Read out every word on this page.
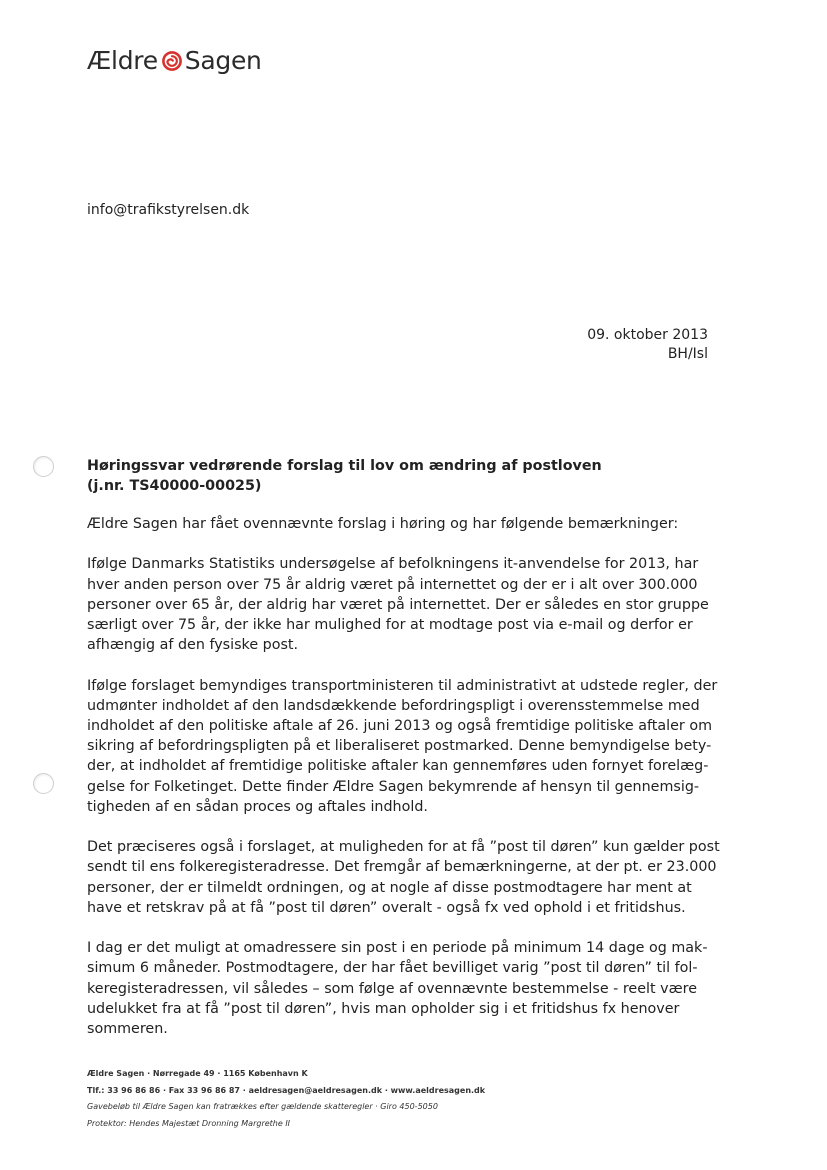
Ældre Sagen
info@trafikstyrelsen.dk
09. oktober 2013
BH/Isl
Høringssvar vedrørende forslag til lov om ændring af postloven
(j.nr. TS40000-00025)

Ældre Sagen har fået ovennævnte forslag i høring og har følgende bemærkninger:

Ifølge Danmarks Statistiks undersøgelse af befolkningens it-anvendelse for 2013, har
hver anden person over 75 år aldrig været på internettet og der er i alt over 300.000
personer over 65 år, der aldrig har været på internettet. Der er således en stor gruppe
særligt over 75 år, der ikke har mulighed for at modtage post via e-mail og derfor er
afhængig af den fysiske post.

Ifølge forslaget bemyndiges transportministeren til administrativt at udstede regler, der
udmønter indholdet af den landsdækkende befordringspligt i overensstemmelse med
indholdet af den politiske aftale af 26. juni 2013 og også fremtidige politiske aftaler om
sikring af befordringspligten på et liberaliseret postmarked. Denne bemyndigelse bety-
der, at indholdet af fremtidige politiske aftaler kan gennemføres uden fornyet forelæg-
gelse for Folketinget. Dette finder Ældre Sagen bekymrende af hensyn til gennemsig-
tigheden af en sådan proces og aftales indhold.

Det præciseres også i forslaget, at muligheden for at få ”post til døren” kun gælder post
sendt til ens folkeregisteradresse. Det fremgår af bemærkningerne, at der pt. er 23.000
personer, der er tilmeldt ordningen, og at nogle af disse postmodtagere har ment at
have et retskrav på at få ”post til døren” overalt - også fx ved ophold i et fritidshus.

I dag er det muligt at omadressere sin post i en periode på minimum 14 dage og mak-
simum 6 måneder. Postmodtagere, der har fået bevilliget varig ”post til døren” til fol-
keregisteradressen, vil således – som følge af ovennævnte bestemmelse - reelt være
udelukket fra at få ”post til døren”, hvis man opholder sig i et fritidshus fx henover
sommeren.

Ældre Sagen · Nørregade 49 · 1165 København K
Tlf.: 33 96 86 86 · Fax 33 96 86 87 · aeldresagen@aeldresagen.dk · www.aeldresagen.dk
Gavebeløb til Ældre Sagen kan fratrækkes efter gældende skatteregler · Giro 450-5050
Protektor: Hendes Majestæt Dronning Margrethe II
